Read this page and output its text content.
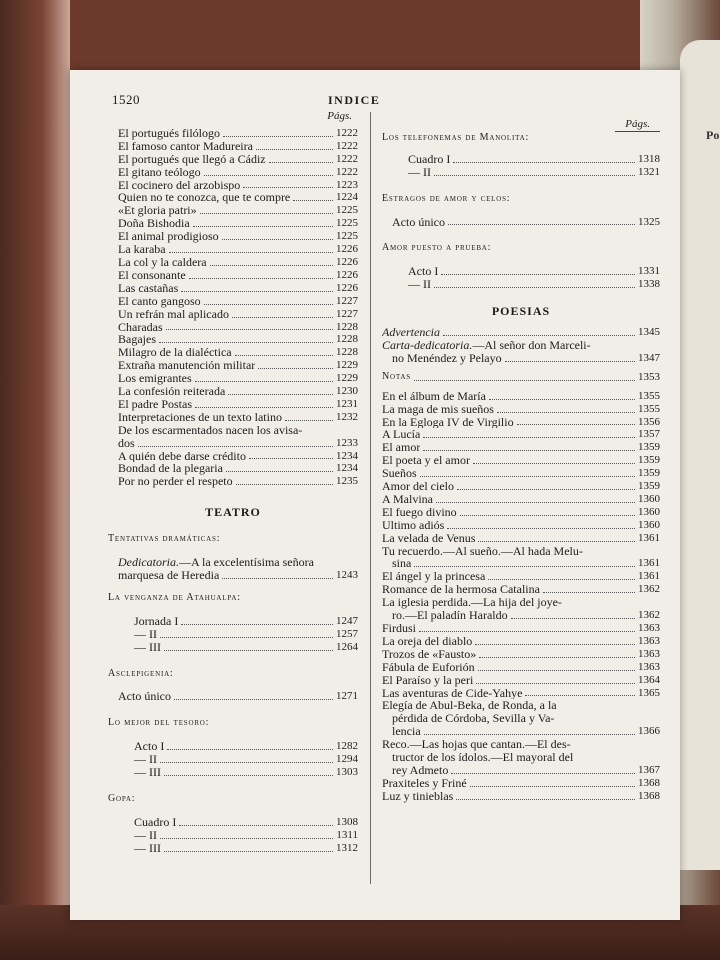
Po
1520	INDICE
Págs.
El portugués filólogo	1222
El famoso cantor Madureira	1222
El portugués que llegó a Cádiz	1222
El gitano teólogo	1222
El cocinero del arzobispo	1223
Quien no te conozca, que te compre	1224
«Et gloria patri»	1225
Doña Bishodia	1225
El animal prodigioso	1225
La karaba	1226
La col y la caldera	1226
El consonante	1226
Las castañas	1226
El canto gangoso	1227
Un refrán mal aplicado	1227
Charadas	1228
Bagajes	1228
Milagro de la dialéctica	1228
Extraña manutención militar	1229
Los emigrantes	1229
La confesión reiterada	1230
El padre Postas	1231
Interpretaciones de un texto latino	1232
De los escarmentados nacen los avisa-
dos	1233
A quién debe darse crédito	1234
Bondad de la plegaria	1234
Por no perder el respeto	1235
TEATRO
Tentativas dramáticas:
Dedicatoria.—A la excelentísima señora
marquesa de Heredia	1243
La venganza de Atahualpa:
Jornada I	1247
— II	1257
— III	1264
Asclepigenia:
Acto único	1271
Lo mejor del tesoro:
Acto I	1282
— II	1294
— III	1303
Gopa:
Cuadro I	1308
— II	1311
— III	1312
Págs.
Los telefonemas de Manolita:
Cuadro I	1318
— II	1321
Estragos de amor y celos:
Acto único	1325
Amor puesto a prueba:
Acto I	1331
— II	1338
POESIAS
Advertencia	1345
Carta-dedicatoria.—Al señor don Marceli-
no Menéndez y Pelayo	1347
Notas	1353
En el álbum de María	1355
La maga de mis sueños	1355
En la Egloga IV de Virgilio	1356
A Lucía	1357
El amor	1359
El poeta y el amor	1359
Sueños	1359
Amor del cielo	1359
A Malvina	1360
El fuego divino	1360
Ultimo adiós	1360
La velada de Venus	1361
Tu recuerdo.—Al sueño.—Al hada Melu-
sina	1361
El ángel y la princesa	1361
Romance de la hermosa Catalina	1362
La iglesia perdida.—La hija del joye-
ro.—El paladín Haraldo	1362
Firdusi	1363
La oreja del diablo	1363
Trozos de «Fausto»	1363
Fábula de Euforión	1363
El Paraíso y la peri	1364
Las aventuras de Cide-Yahye	1365
Elegía de Abul-Beka, de Ronda, a la
pérdida de Córdoba, Sevilla y Va-
lencia	1366
Reco.—Las hojas que cantan.—El des-
tructor de los ídolos.—El mayoral del
rey Admeto	1367
Praxiteles y Friné	1368
Luz y tinieblas	1368
